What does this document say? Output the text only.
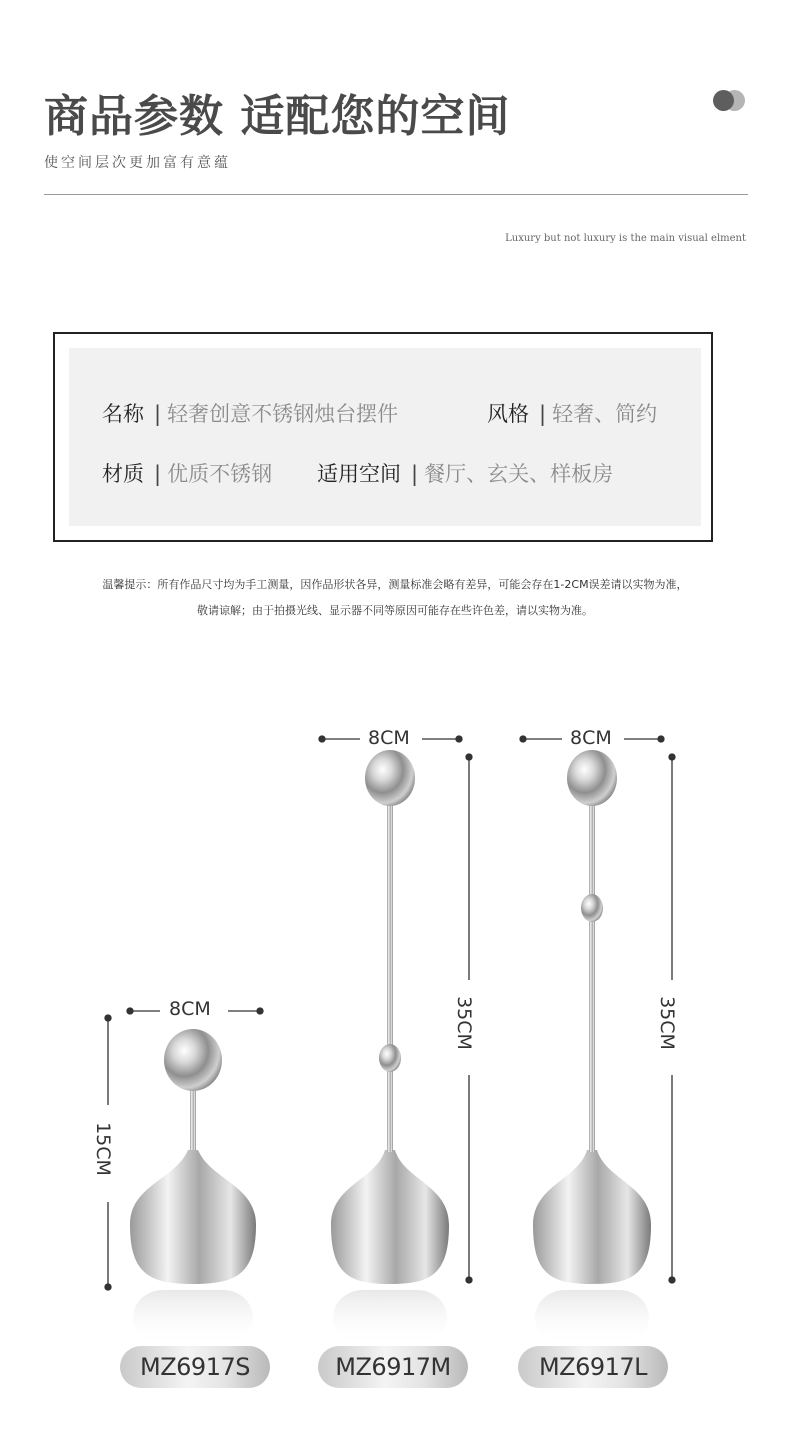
商品参数 适配您的空间
使空间层次更加富有意蕴
Luxury but not luxury is the main visual elment
名称 | 轻奢创意不锈钢烛台摆件	风格 | 轻奢、简约
材质 | 优质不锈钢 适用空间 | 餐厅、玄关、样板房
温馨提示：所有作品尺寸均为手工测量，因作品形状各异，测量标准会略有差异，可能会存在1-2CM误差请以实物为准，
敬请谅解；由于拍摄光线、显示器不同等原因可能存在些许色差，请以实物为准。
8CM
15CM
MZ6917S
8CM
35CM
MZ6917M
8CM
35CM
MZ6917L
